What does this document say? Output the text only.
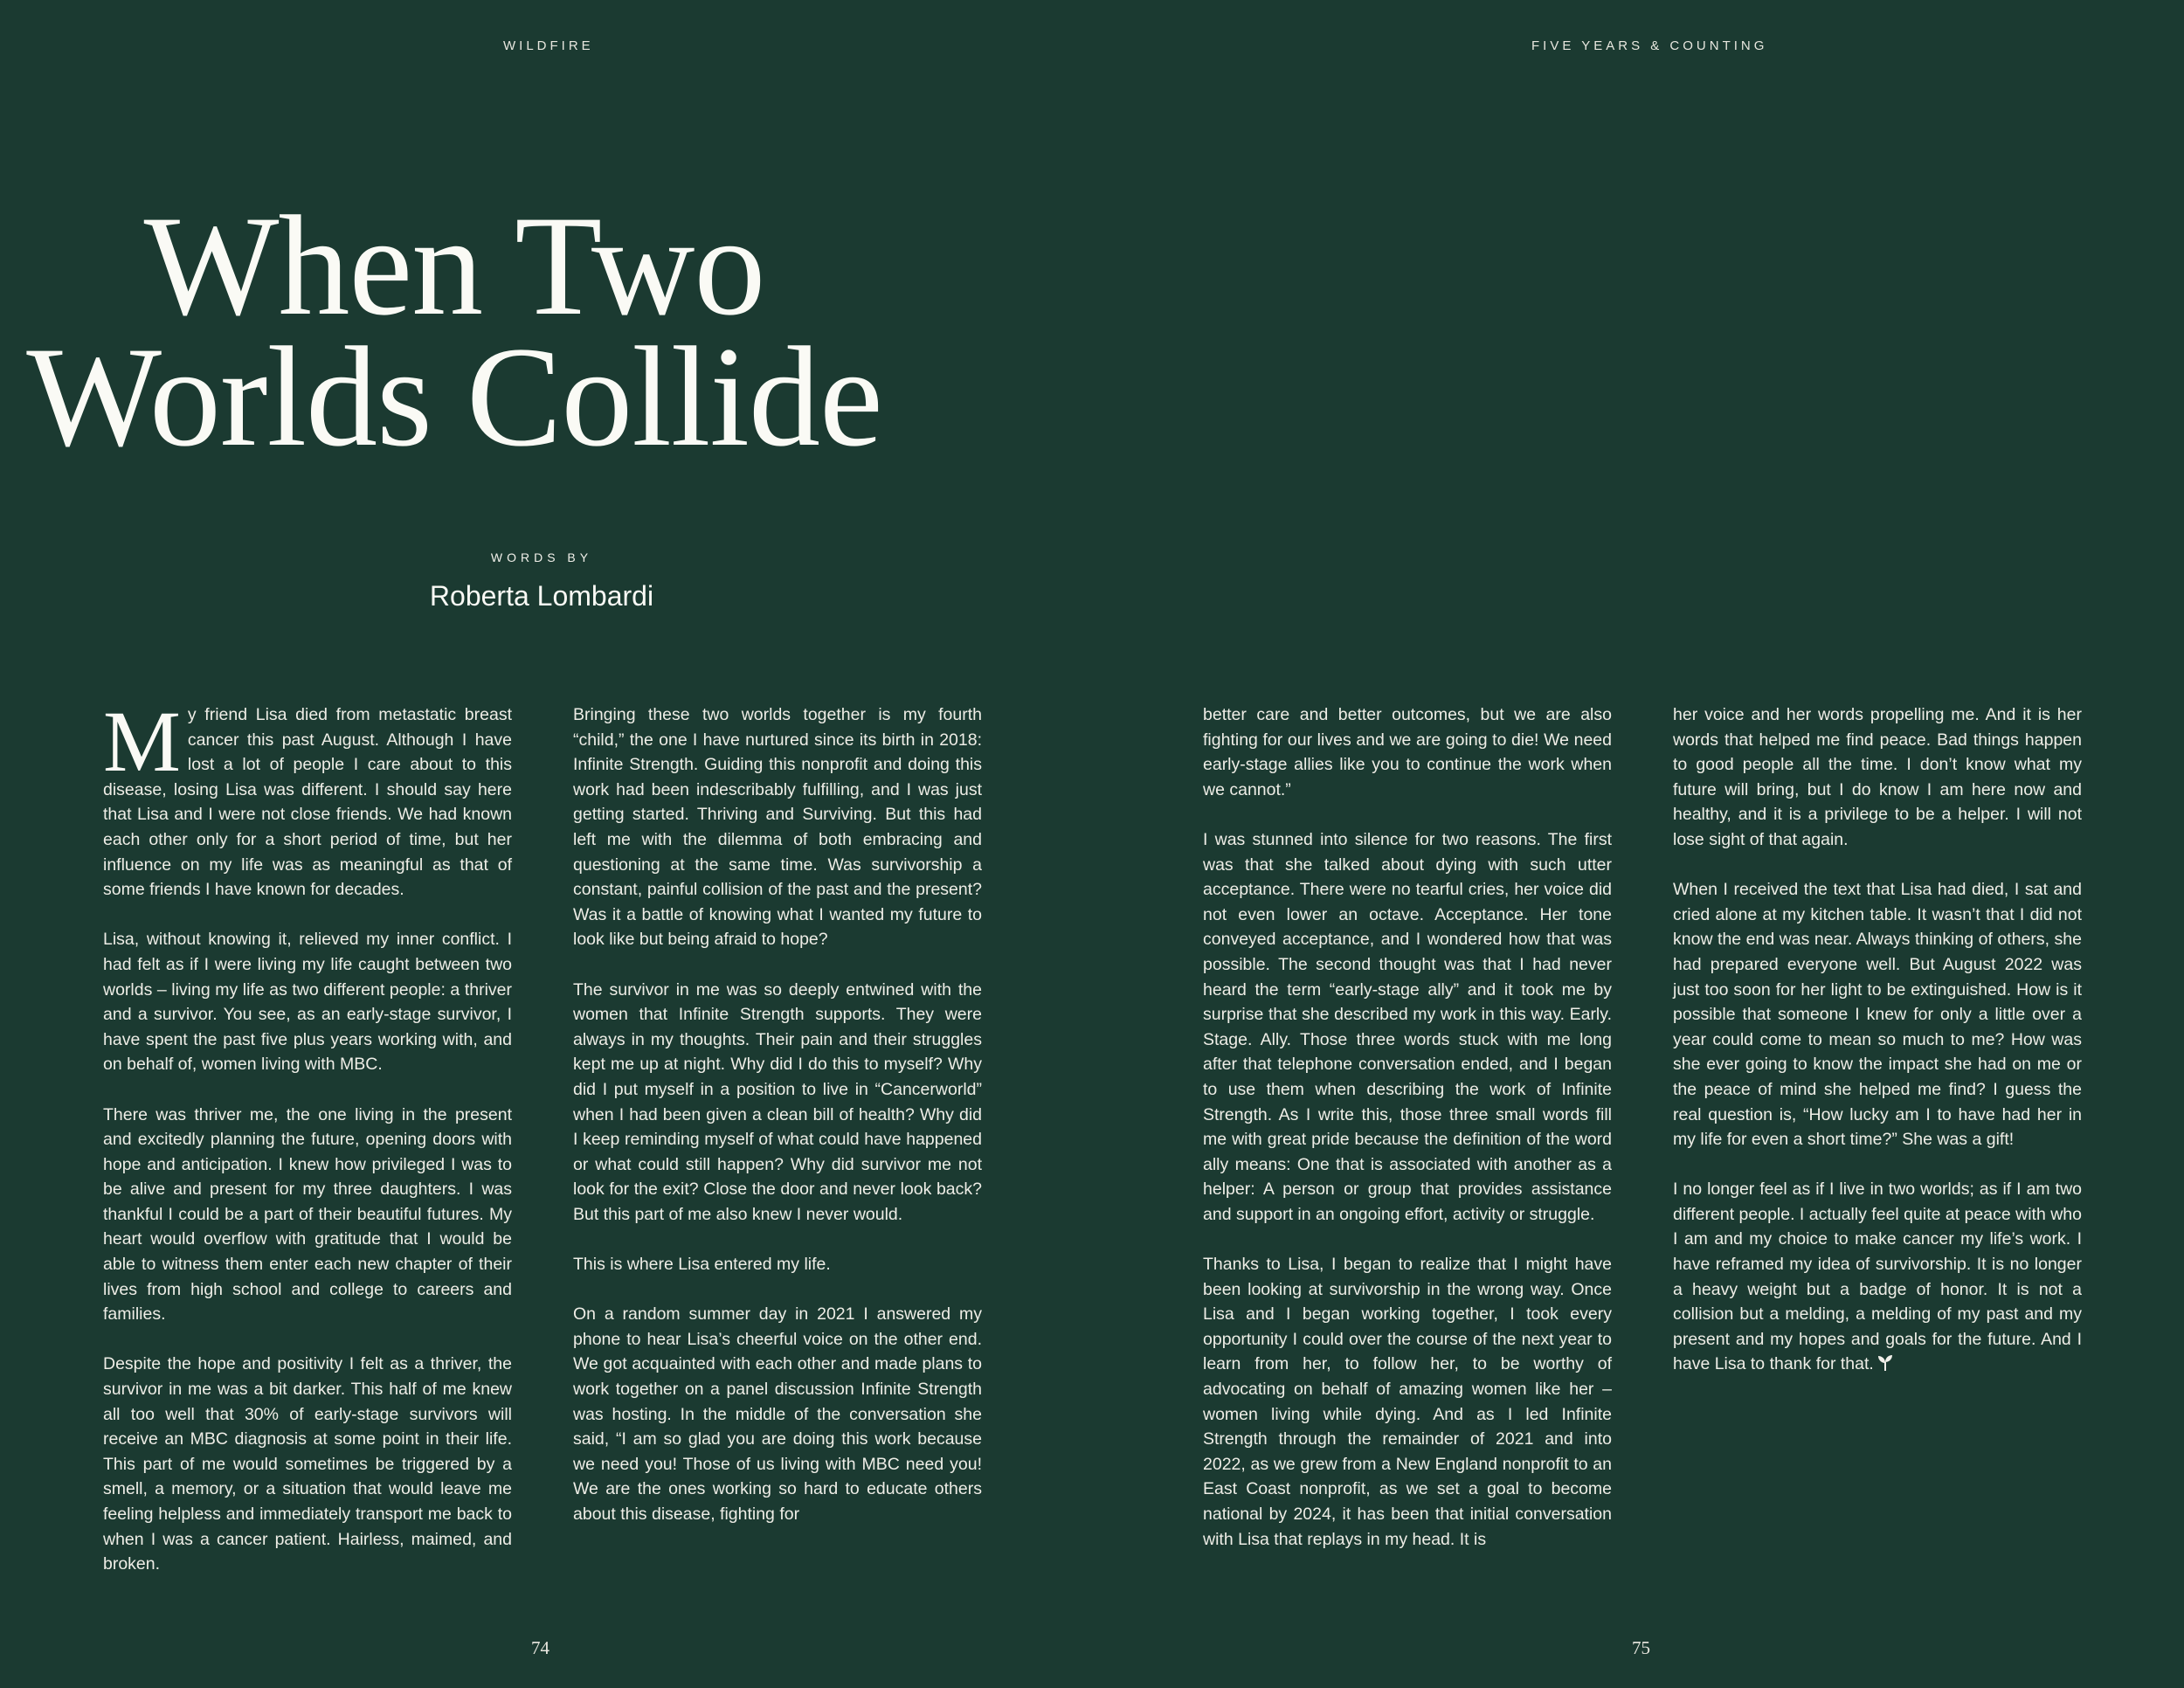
WILDFIRE
When Two
Worlds Collide
WORDS BY
Roberta Lombardi

My friend Lisa died from metastatic breast cancer this past August. Although I have lost a lot of people I care about to this disease, losing Lisa was different. I should say here that Lisa and I were not close friends. We had known each other only for a short period of time, but her influence on my life was as meaningful as that of some friends I have known for decades.

Lisa, without knowing it, relieved my inner conflict. I had felt as if I were living my life caught between two worlds – living my life as two different people: a thriver and a survivor. You see, as an early-stage survivor, I have spent the past five plus years working with, and on behalf of, women living with MBC.

There was thriver me, the one living in the present and excitedly planning the future, opening doors with hope and anticipation. I knew how privileged I was to be alive and present for my three daughters. I was thankful I could be a part of their beautiful futures. My heart would overflow with gratitude that I would be able to witness them enter each new chapter of their lives from high school and college to careers and families.

Despite the hope and positivity I felt as a thriver, the survivor in me was a bit darker. This half of me knew all too well that 30% of early-stage survivors will receive an MBC diagnosis at some point in their life. This part of me would sometimes be triggered by a smell, a memory, or a situation that would leave me feeling helpless and immediately transport me back to when I was a cancer patient. Hairless, maimed, and broken.

Bringing these two worlds together is my fourth “child,” the one I have nurtured since its birth in 2018: Infinite Strength. Guiding this nonprofit and doing this work had been indescribably fulfilling, and I was just getting started. Thriving and Surviving. But this had left me with the dilemma of both embracing and questioning at the same time. Was survivorship a constant, painful collision of the past and the present? Was it a battle of knowing what I wanted my future to look like but being afraid to hope?

The survivor in me was so deeply entwined with the women that Infinite Strength supports. They were always in my thoughts. Their pain and their struggles kept me up at night. Why did I do this to myself? Why did I put myself in a position to live in “Cancerworld” when I had been given a clean bill of health? Why did I keep reminding myself of what could have happened or what could still happen? Why did survivor me not look for the exit? Close the door and never look back? But this part of me also knew I never would.

This is where Lisa entered my life.

On a random summer day in 2021 I answered my phone to hear Lisa’s cheerful voice on the other end. We got acquainted with each other and made plans to work together on a panel discussion Infinite Strength was hosting. In the middle of the conversation she said, “I am so glad you are doing this work because we need you! Those of us living with MBC need you! We are the ones working so hard to educate others about this disease, fighting for

74
FIVE YEARS & COUNTING

better care and better outcomes, but we are also fighting for our lives and we are going to die! We need early-stage allies like you to continue the work when we cannot.”

I was stunned into silence for two reasons. The first was that she talked about dying with such utter acceptance. There were no tearful cries, her voice did not even lower an octave. Acceptance. Her tone conveyed acceptance, and I wondered how that was possible. The second thought was that I had never heard the term “early-stage ally” and it took me by surprise that she described my work in this way. Early. Stage. Ally. Those three words stuck with me long after that telephone conversation ended, and I began to use them when describing the work of Infinite Strength. As I write this, those three small words fill me with great pride because the definition of the word ally means: One that is associated with another as a helper: A person or group that provides assistance and support in an ongoing effort, activity or struggle.

Thanks to Lisa, I began to realize that I might have been looking at survivorship in the wrong way. Once Lisa and I began working together, I took every opportunity I could over the course of the next year to learn from her, to follow her, to be worthy of advocating on behalf of amazing women like her – women living while dying. And as I led Infinite Strength through the remainder of 2021 and into 2022, as we grew from a New England nonprofit to an East Coast nonprofit, as we set a goal to become national by 2024, it has been that initial conversation with Lisa that replays in my head. It is

her voice and her words propelling me. And it is her words that helped me find peace. Bad things happen to good people all the time. I don’t know what my future will bring, but I do know I am here now and healthy, and it is a privilege to be a helper. I will not lose sight of that again.

When I received the text that Lisa had died, I sat and cried alone at my kitchen table. It wasn’t that I did not know the end was near. Always thinking of others, she had prepared everyone well. But August 2022 was just too soon for her light to be extinguished. How is it possible that someone I knew for only a little over a year could come to mean so much to me? How was she ever going to know the impact she had on me or the peace of mind she helped me find? I guess the real question is, “How lucky am I to have had her in my life for even a short time?” She was a gift!

I no longer feel as if I live in two worlds; as if I am two different people. I actually feel quite at peace with who I am and my choice to make cancer my life’s work. I have reframed my idea of survivorship. It is no longer a heavy weight but a badge of honor. It is not a collision but a melding, a melding of my past and my present and my hopes and goals for the future. And I have Lisa to thank for that.

75
